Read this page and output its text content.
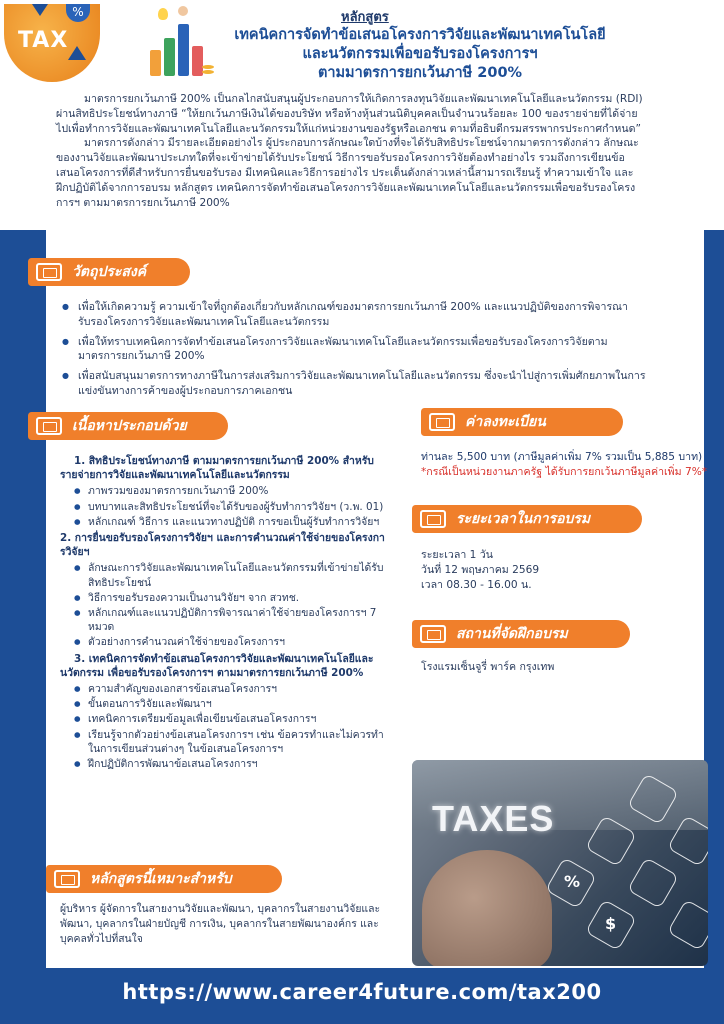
%
TAX
หลักสูตร
เทคนิคการจัดทำข้อเสนอโครงการวิจัยและพัฒนาเทคโนโลยี
และนวัตกรรมเพื่อขอรับรองโครงการฯ
ตามมาตรการยกเว้นภาษี 200%

มาตรการยกเว้นภาษี 200% เป็นกลไกสนับสนุนผู้ประกอบการให้เกิดการลงทุนวิจัยและพัฒนาเทคโนโลยีและนวัตกรรม (RDI) ผ่านสิทธิประโยชน์ทางภาษี “ให้ยกเว้นภาษีเงินได้ของบริษัท หรือห้างหุ้นส่วนนิติบุคคลเป็นจำนวนร้อยละ 100 ของรายจ่ายที่ได้จ่ายไปเพื่อทำการวิจัยและพัฒนาเทคโนโลยีและนวัตกรรมให้แก่หน่วยงานของรัฐหรือเอกชน ตามที่อธิบดีกรมสรรพากรประกาศกำหนด”

มาตรการดังกล่าว มีรายละเอียดอย่างไร ผู้ประกอบการลักษณะใดบ้างที่จะได้รับสิทธิประโยชน์จากมาตรการดังกล่าว ลักษณะของงานวิจัยและพัฒนาประเภทใดที่จะเข้าข่ายได้รับประโยชน์ วิธีการขอรับรองโครงการวิจัยต้องทำอย่างไร รวมถึงการเขียนข้อเสนอโครงการที่ดีสำหรับการยื่นขอรับรอง มีเทคนิคและวิธีการอย่างไร ประเด็นดังกล่าวเหล่านี้สามารถเรียนรู้ ทำความเข้าใจ และฝึกปฏิบัติได้จากการอบรม หลักสูตร เทคนิคการจัดทำข้อเสนอโครงการวิจัยและพัฒนาเทคโนโลยีและนวัตกรรมเพื่อขอรับรองโครงการฯ ตามมาตรการยกเว้นภาษี 200%

วัตถุประสงค์
● เพื่อให้เกิดความรู้ ความเข้าใจที่ถูกต้องเกี่ยวกับหลักเกณฑ์ของมาตรการยกเว้นภาษี 200% และแนวปฏิบัติของการพิจารณารับรองโครงการวิจัยและพัฒนาเทคโนโลยีและนวัตกรรม
● เพื่อให้ทราบเทคนิคการจัดทำข้อเสนอโครงการวิจัยและพัฒนาเทคโนโลยีและนวัตกรรมเพื่อขอรับรองโครงการวิจัยตามมาตรการยกเว้นภาษี 200%
● เพื่อสนับสนุนมาตรการทางภาษีในการส่งเสริมการวิจัยและพัฒนาเทคโนโลยีและนวัตกรรม ซึ่งจะนำไปสู่การเพิ่มศักยภาพในการแข่งขันทางการค้าของผู้ประกอบการภาคเอกชน
เนื้อหาประกอบด้วย
1. สิทธิประโยชน์ทางภาษี ตามมาตรการยกเว้นภาษี 200% สำหรับรายจ่ายการวิจัยและพัฒนาเทคโนโลยีและนวัตกรรม
● ภาพรวมของมาตรการยกเว้นภาษี 200%
● บทบาทและสิทธิประโยชน์ที่จะได้รับของผู้รับทำการวิจัยฯ (ว.พ. 01)
● หลักเกณฑ์ วิธีการ และแนวทางปฏิบัติ การขอเป็นผู้รับทำการวิจัยฯ
2. การยื่นขอรับรองโครงการวิจัยฯ และการคำนวณค่าใช้จ่ายของโครงการวิจัยฯ
● ลักษณะการวิจัยและพัฒนาเทคโนโลยีและนวัตกรรมที่เข้าข่ายได้รับสิทธิประโยชน์
● วิธีการขอรับรองความเป็นงานวิจัยฯ จาก สวทช.
● หลักเกณฑ์และแนวปฏิบัติการพิจารณาค่าใช้จ่ายของโครงการฯ 7 หมวด
● ตัวอย่างการคำนวณค่าใช้จ่ายของโครงการฯ
3. เทคนิคการจัดทำข้อเสนอโครงการวิจัยและพัฒนาเทคโนโลยีและนวัตกรรม เพื่อขอรับรองโครงการฯ ตามมาตรการยกเว้นภาษี 200%
● ความสำคัญของเอกสารข้อเสนอโครงการฯ
● ขั้นตอนการวิจัยและพัฒนาฯ
● เทคนิคการเตรียมข้อมูลเพื่อเขียนข้อเสนอโครงการฯ
● เรียนรู้จากตัวอย่างข้อเสนอโครงการฯ เช่น ข้อควรทำและไม่ควรทำในการเขียนส่วนต่างๆ ในข้อเสนอโครงการฯ
● ฝึกปฏิบัติการพัฒนาข้อเสนอโครงการฯ
ค่าลงทะเบียน
ท่านละ 5,500 บาท (ภาษีมูลค่าเพิ่ม 7% รวมเป็น 5,885 บาท)
*กรณีเป็นหน่วยงานภาครัฐ ได้รับการยกเว้นภาษีมูลค่าเพิ่ม 7%*
ระยะเวลาในการอบรม
ระยะเวลา 1 วัน
วันที่ 12 พฤษภาคม 2569
เวลา 08.30 - 16.00 น.
สถานที่จัดฝึกอบรม
โรงแรมเซ็นจูรี่ พาร์ค กรุงเทพ
หลักสูตรนี้เหมาะสำหรับ
ผู้บริหาร ผู้จัดการในสายงานวิจัยและพัฒนา, บุคลากรในสายงานวิจัยและพัฒนา, บุคลากรในฝ่ายบัญชี การเงิน, บุคลากรในสายพัฒนาองค์กร และบุคคลทั่วไปที่สนใจ
TAXES
%
$
https://www.career4future.com/tax200
